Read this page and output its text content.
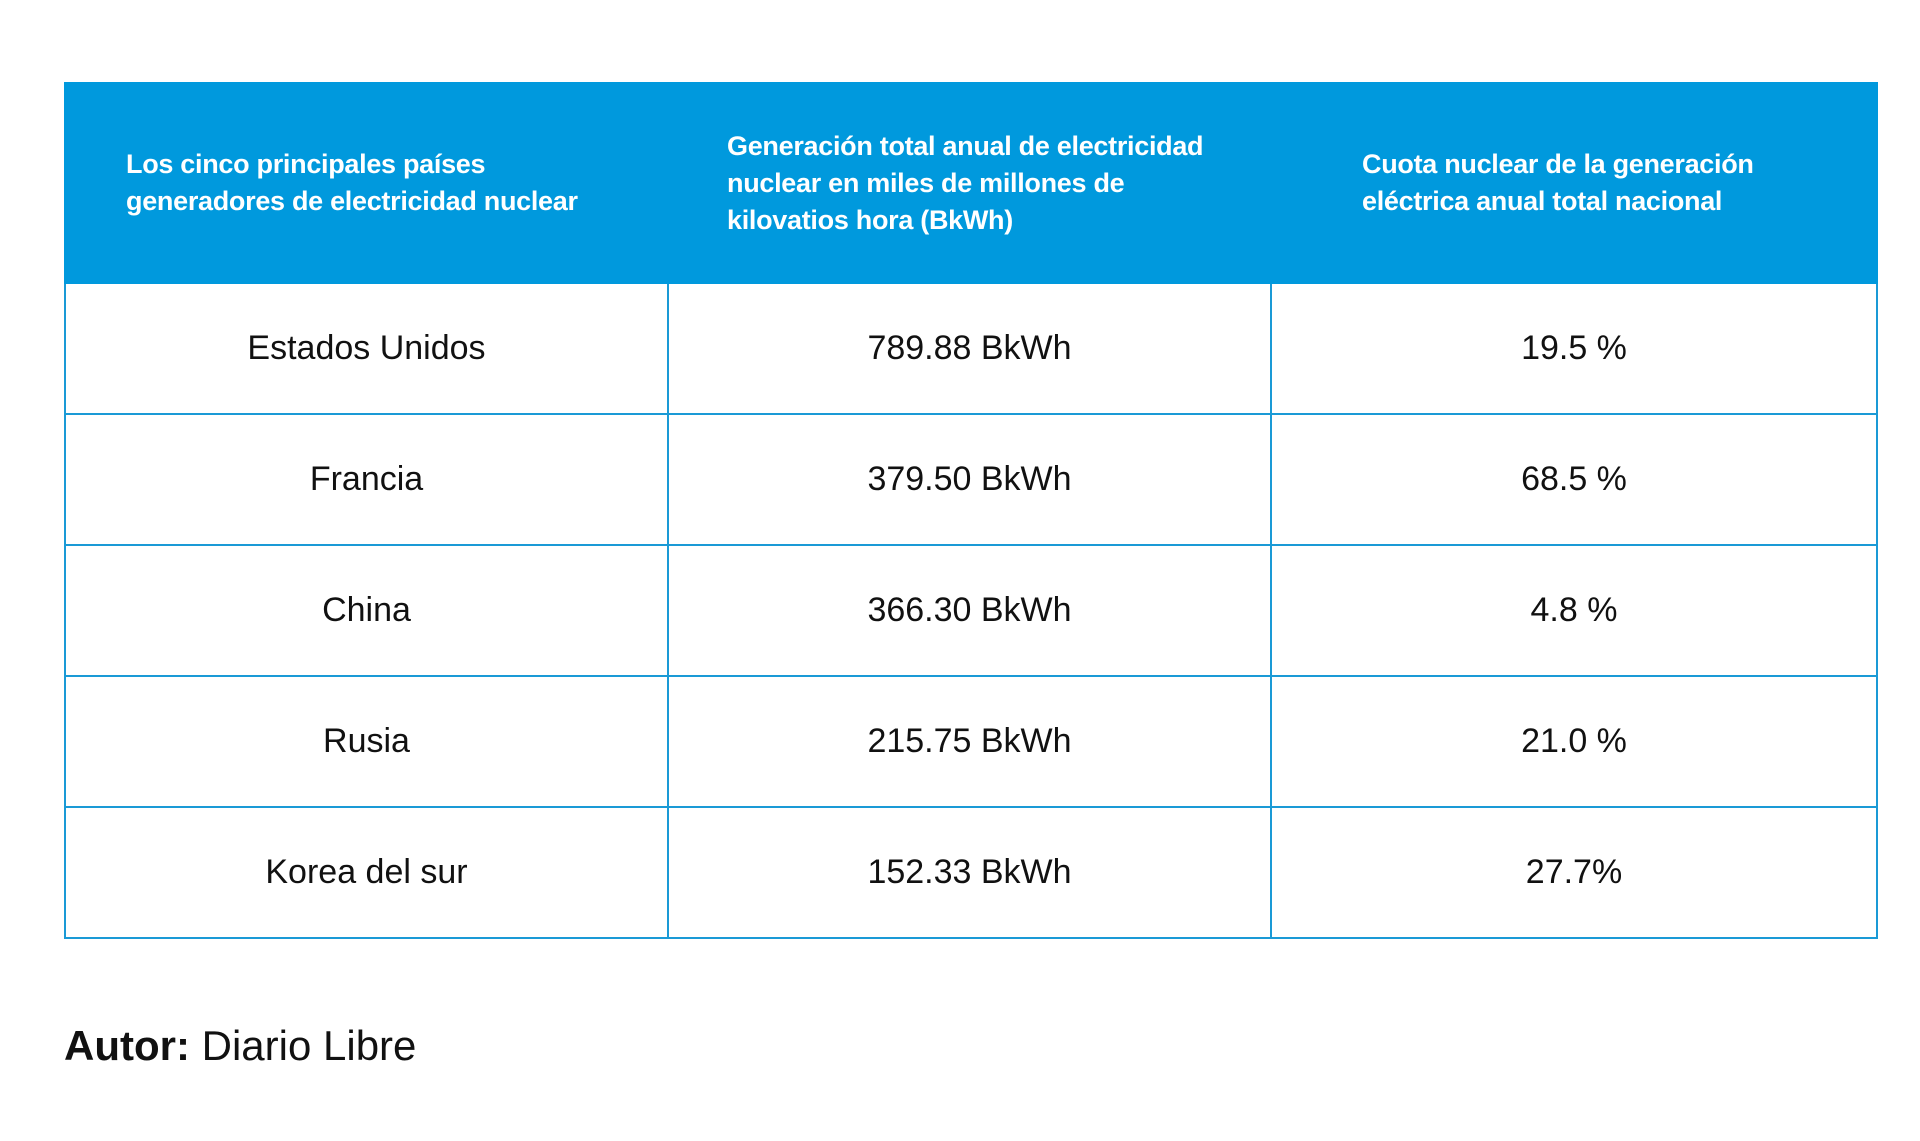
Los cinco principales países generadores de electricidad nuclear	Generación total anual de electricidad nuclear en miles de millones de kilovatios hora (BkWh)	Cuota nuclear de la generación eléctrica anual total nacional
Estados Unidos	789.88 BkWh	19.5 %
Francia	379.50 BkWh	68.5 %
China	366.30 BkWh	4.8 %
Rusia	215.75 BkWh	21.0 %
Korea del sur	152.33 BkWh	27.7%
Autor: Diario Libre
